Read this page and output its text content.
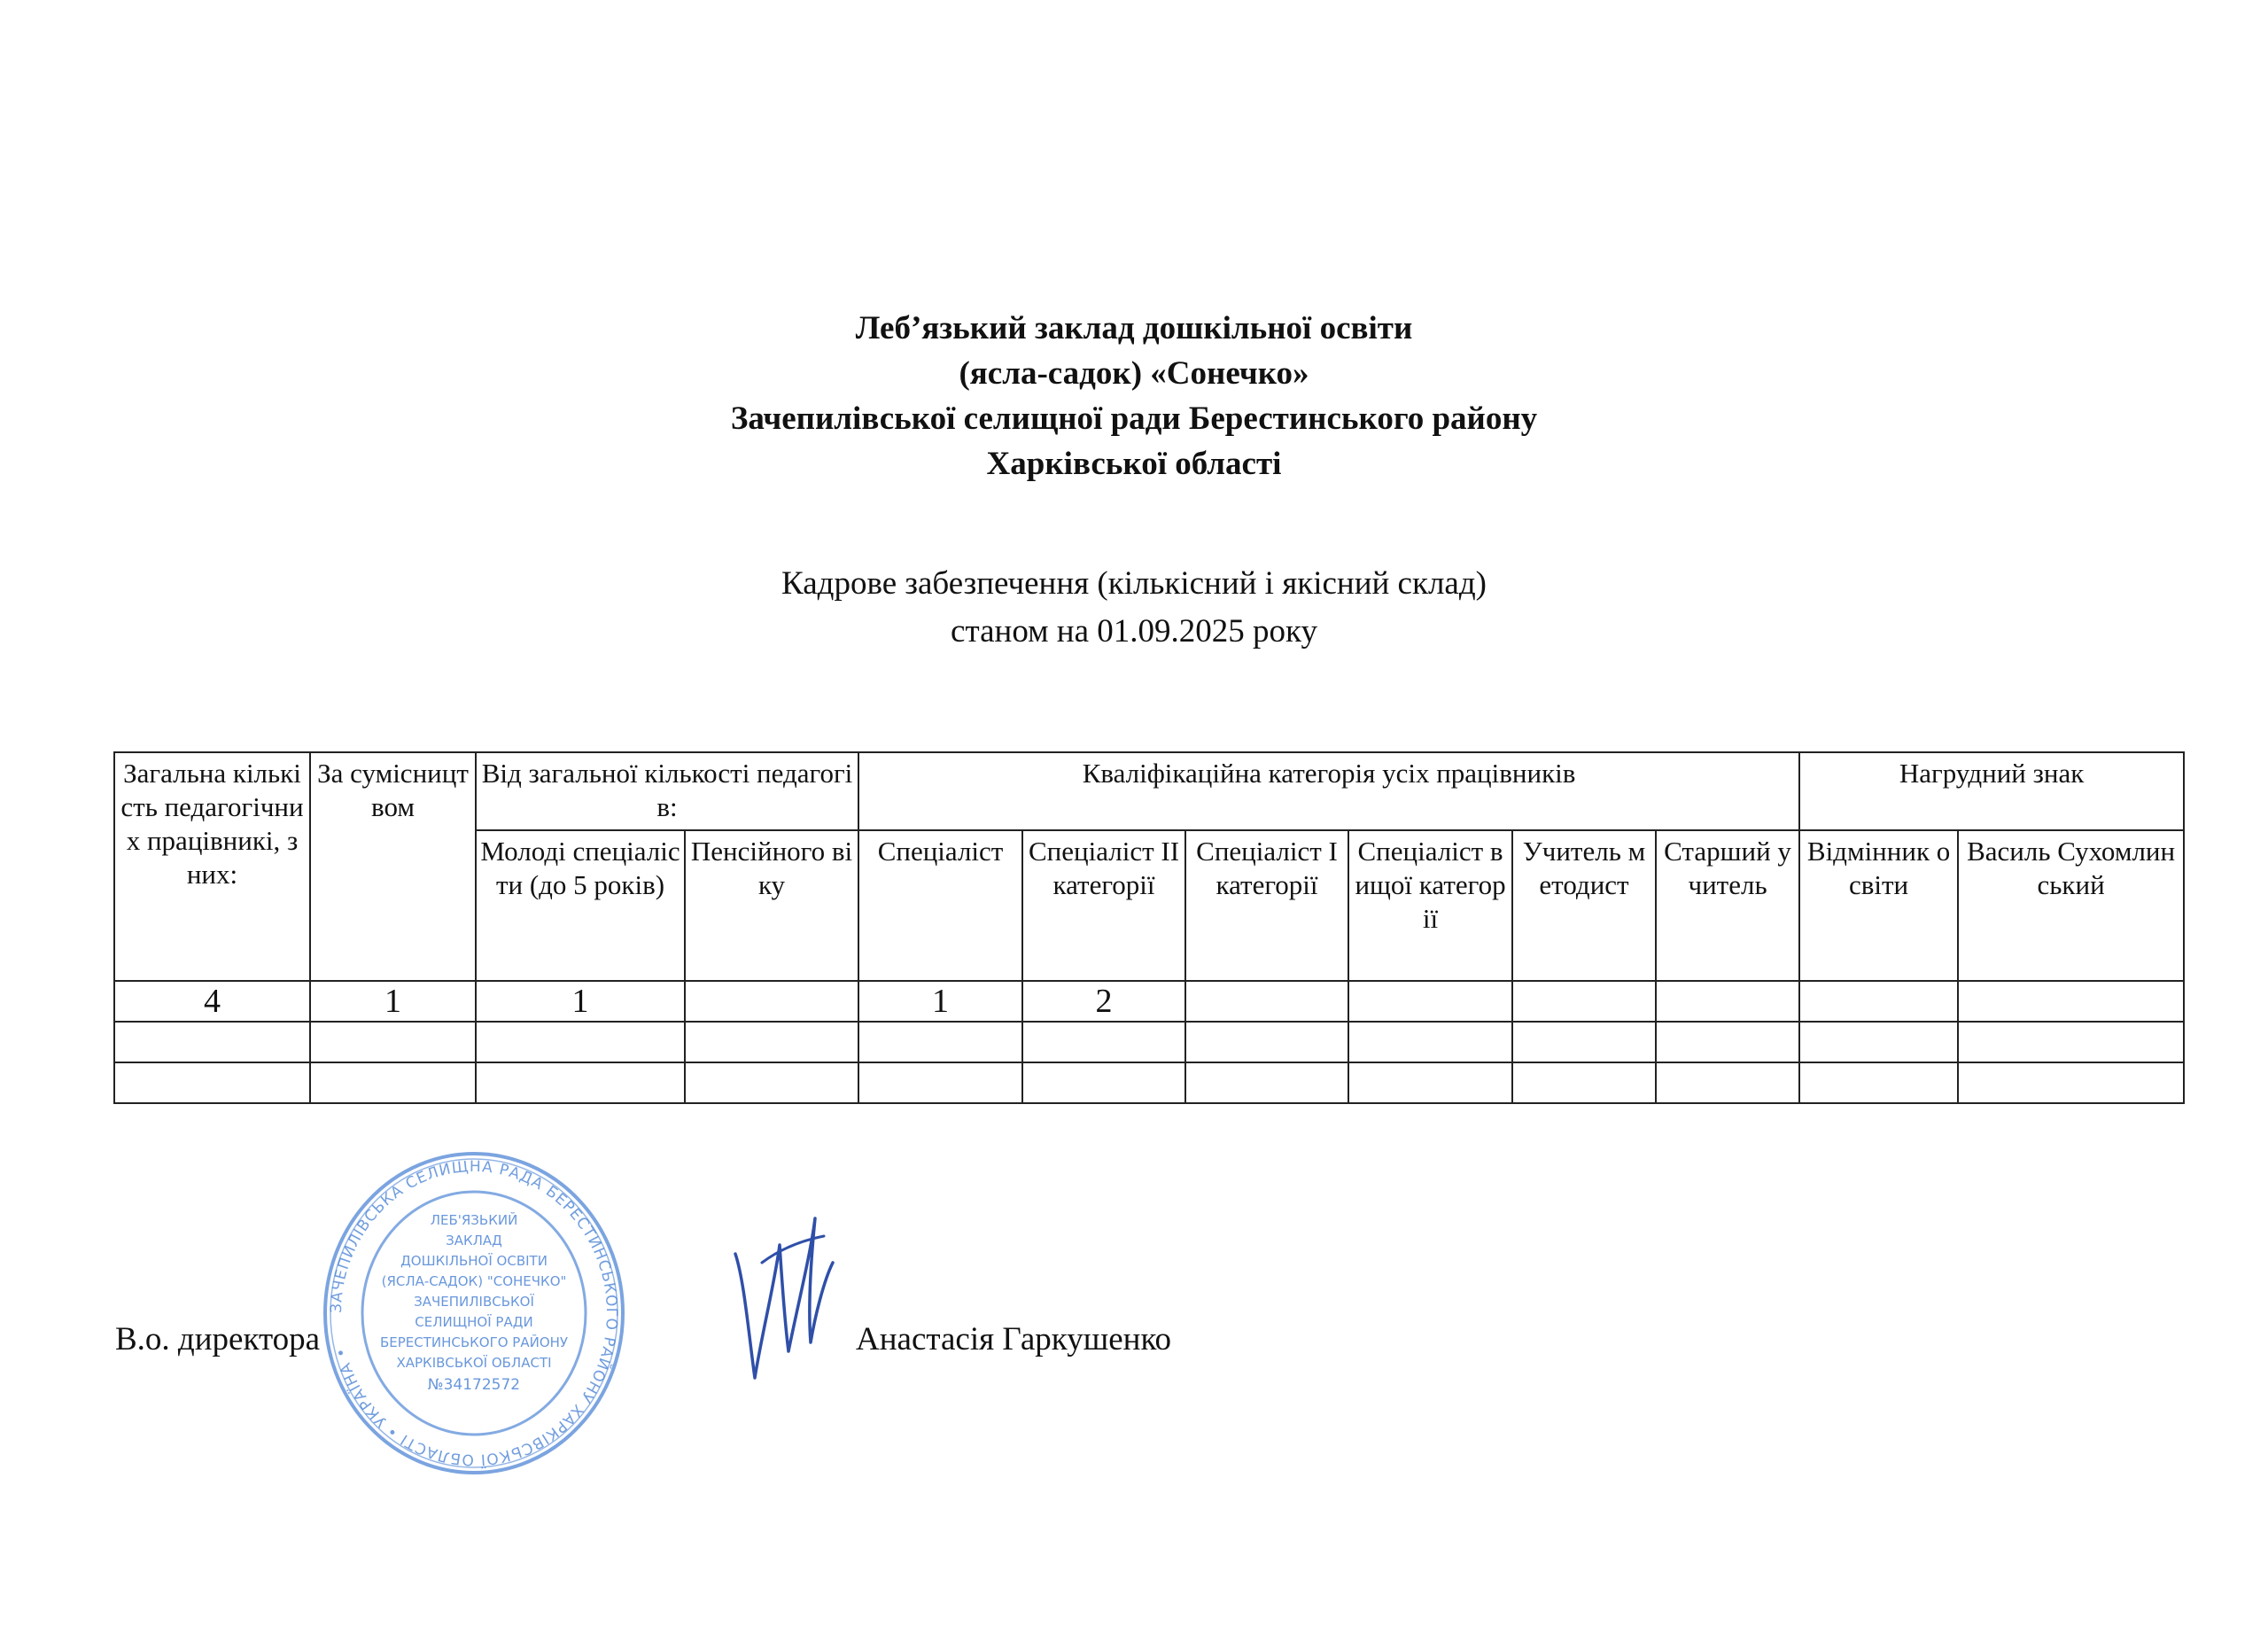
Леб’язький заклад дошкільної освіти
(ясла-садок) «Сонечко»
Зачепилівської селищної ради Берестинського району
Харківської області
Кадрове забезпечення (кількісний і якісний склад)
станом на 01.09.2025 року
Загальна кількість педагогічних працівникі, з них:	За сумісництвом	Від загальної кількості педагогів:		Кваліфікаційна категорія усіх працівників						Нагрудний знак	
		Молоді спеціалісти (до 5 років)	Пенсійного віку	Спеціаліст	Спеціаліст II категорії	Спеціаліст I категорії	Спеціаліст вищої категорії	Учитель методист	Старший учитель	Відмінник освіти	Василь Сухомлинський
4	1	1		1	2						

ЗАЧЕПИЛІВСЬКА СЕЛИЩНА РАДА БЕРЕСТИНСЬКОГО РАЙОНУ ХАРКІВСЬКОЇ ОБЛАСТІ • УКРАЇНА •
ЛЕБ'ЯЗЬКИЙ
ЗАКЛАД
ДОШКІЛЬНОЇ ОСВІТИ
(ЯСЛА-САДОК) "СОНЕЧКО"
ЗАЧЕПИЛІВСЬКОЇ
СЕЛИЩНОЇ РАДИ
БЕРЕСТИНСЬКОГО РАЙОНУ
ХАРКІВСЬКОЇ ОБЛАСТІ
№34172572
В.о. директора	Анастасія Гаркушенко
